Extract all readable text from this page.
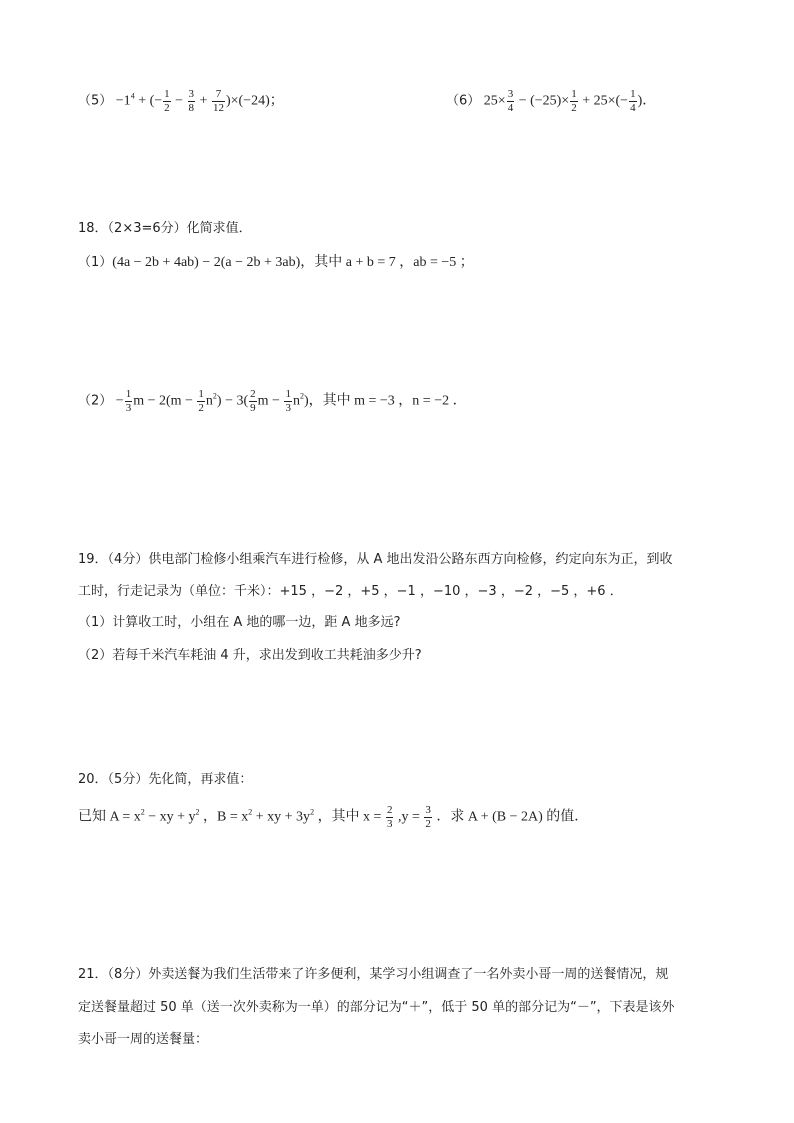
$(5) -1^4$ + (− $\frac{1}{2} - \frac{3}{8} + \frac{7}{12} )\times(-24)$；	（6） $25\times \frac{3}{4} - (-25)\times \frac{1}{2} + 25\times(- \frac{1}{4}$ )．
18．（2×3=6分）化简求值．
（1）(4a − 2b + 4ab) − 2(a − 2b + 3ab)，其中 a + b = 7 ，ab = −5 ；
$(2) - \frac{1}{3}$ $m - 2(m - \frac{1}{2} n^2) - 3( \frac{2}{9}$ $m - \frac{1}{3} n^2$)，其中 m = −3 ，n = −2 ．
19．（4分）供电部门检修小组乘汽车进行检修，从 A 地出发沿公路东西方向检修，约定向东为正，到收
工时，行走记录为（单位：千米）：+15 ，−2 ，+5 ，−1 ，−10 ，−3 ，−2 ，−5 ，+6 ．
（1）计算收工时，小组在 A 地的哪一边，距 A 地多远?
（2）若每千米汽车耗油 4 升，求出发到收工共耗油多少升?
20．（5分）先化简，再求值：
已知 $A = x^2$ − xy + $y^2$ ，$B = x^2$ + xy + $3y^2$ ，其中 $x = \frac{2}{3} ,y = \frac{3}{2}$ ．求 A + (B − 2A) 的值．
21．（8分）外卖送餐为我们生活带来了许多便利，某学习小组调查了一名外卖小哥一周的送餐情况，规
定送餐量超过 50 单（送一次外卖称为一单）的部分记为“＋”，低于 50 单的部分记为“－”，下表是该外
卖小哥一周的送餐量：
